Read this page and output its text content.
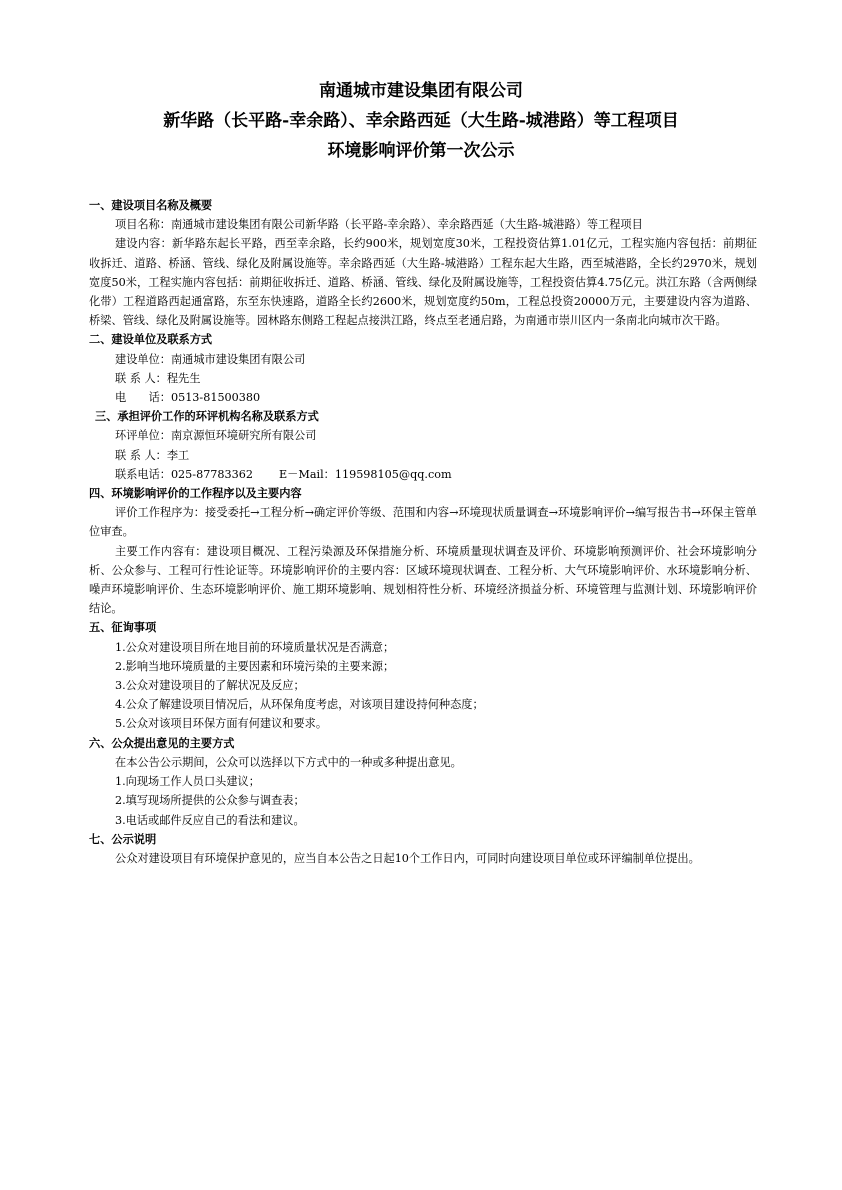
南通城市建设集团有限公司

新华路（长平路-幸余路）、幸余路西延（大生路-城港路）等工程项目

环境影响评价第一次公示

一、建设项目名称及概要

项目名称：南通城市建设集团有限公司新华路（长平路-幸余路）、幸余路西延（大生路-城港路）等工程项目

建设内容：新华路东起长平路，西至幸余路，长约900米，规划宽度30米，工程投资估算1.01亿元，工程实施内容包括：前期征收拆迁、道路、桥涵、管线、绿化及附属设施等。幸余路西延（大生路-城港路）工程东起大生路，西至城港路，全长约2970米，规划宽度50米，工程实施内容包括：前期征收拆迁、道路、桥涵、管线、绿化及附属设施等，工程投资估算4.75亿元。洪江东路（含两侧绿化带）工程道路西起通富路，东至东快速路，道路全长约2600米，规划宽度约50m，工程总投资20000万元，主要建设内容为道路、桥梁、管线、绿化及附属设施等。园林路东侧路工程起点接洪江路，终点至老通启路，为南通市崇川区内一条南北向城市次干路。

二、建设单位及联系方式

建设单位：南通城市建设集团有限公司

联 系 人：程先生

电　　话：0513-81500380

三、承担评价工作的环评机构名称及联系方式

环评单位：南京源恒环境研究所有限公司

联 系 人：李工

联系电话：025-87783362 E－Mail：119598105@qq.com

四、环境影响评价的工作程序以及主要内容

评价工作程序为：接受委托→工程分析→确定评价等级、范围和内容→环境现状质量调查→环境影响评价→编写报告书→环保主管单位审查。

主要工作内容有：建设项目概况、工程污染源及环保措施分析、环境质量现状调查及评价、环境影响预测评价、社会环境影响分析、公众参与、工程可行性论证等。环境影响评价的主要内容：区域环境现状调查、工程分析、大气环境影响评价、水环境影响分析、噪声环境影响评价、生态环境影响评价、施工期环境影响、规划相符性分析、环境经济损益分析、环境管理与监测计划、环境影响评价结论。

五、征询事项

1.公众对建设项目所在地目前的环境质量状况是否满意；

2.影响当地环境质量的主要因素和环境污染的主要来源；

3.公众对建设项目的了解状况及反应；

4.公众了解建设项目情况后，从环保角度考虑，对该项目建设持何种态度；

5.公众对该项目环保方面有何建议和要求。

六、公众提出意见的主要方式

在本公告公示期间，公众可以选择以下方式中的一种或多种提出意见。

1.向现场工作人员口头建议；

2.填写现场所提供的公众参与调查表；

3.电话或邮件反应自己的看法和建议。

七、公示说明

公众对建设项目有环境保护意见的，应当自本公告之日起10个工作日内，可同时向建设项目单位或环评编制单位提出。
